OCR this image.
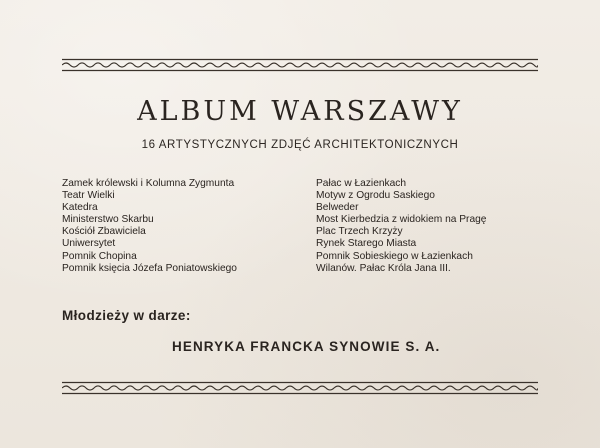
ALBUM WARSZAWY
16 ARTYSTYCZNYCH ZDJĘĆ ARCHITEKTONICZNYCH
Zamek królewski i Kolumna Zygmunta
Teatr Wielki
Katedra
Ministerstwo Skarbu
Kościół Zbawiciela
Uniwersytet
Pomnik Chopina
Pomnik księcia Józefa Poniatowskiego
Pałac w Łazienkach
Motyw z Ogrodu Saskiego
Belweder
Most Kierbedzia z widokiem na Pragę
Plac Trzech Krzyży
Rynek Starego Miasta
Pomnik Sobieskiego w Łazienkach
Wilanów. Pałac Króla Jana III.
Młodzieży w darze:
HENRYKA FRANCKA SYNOWIE S. A.
